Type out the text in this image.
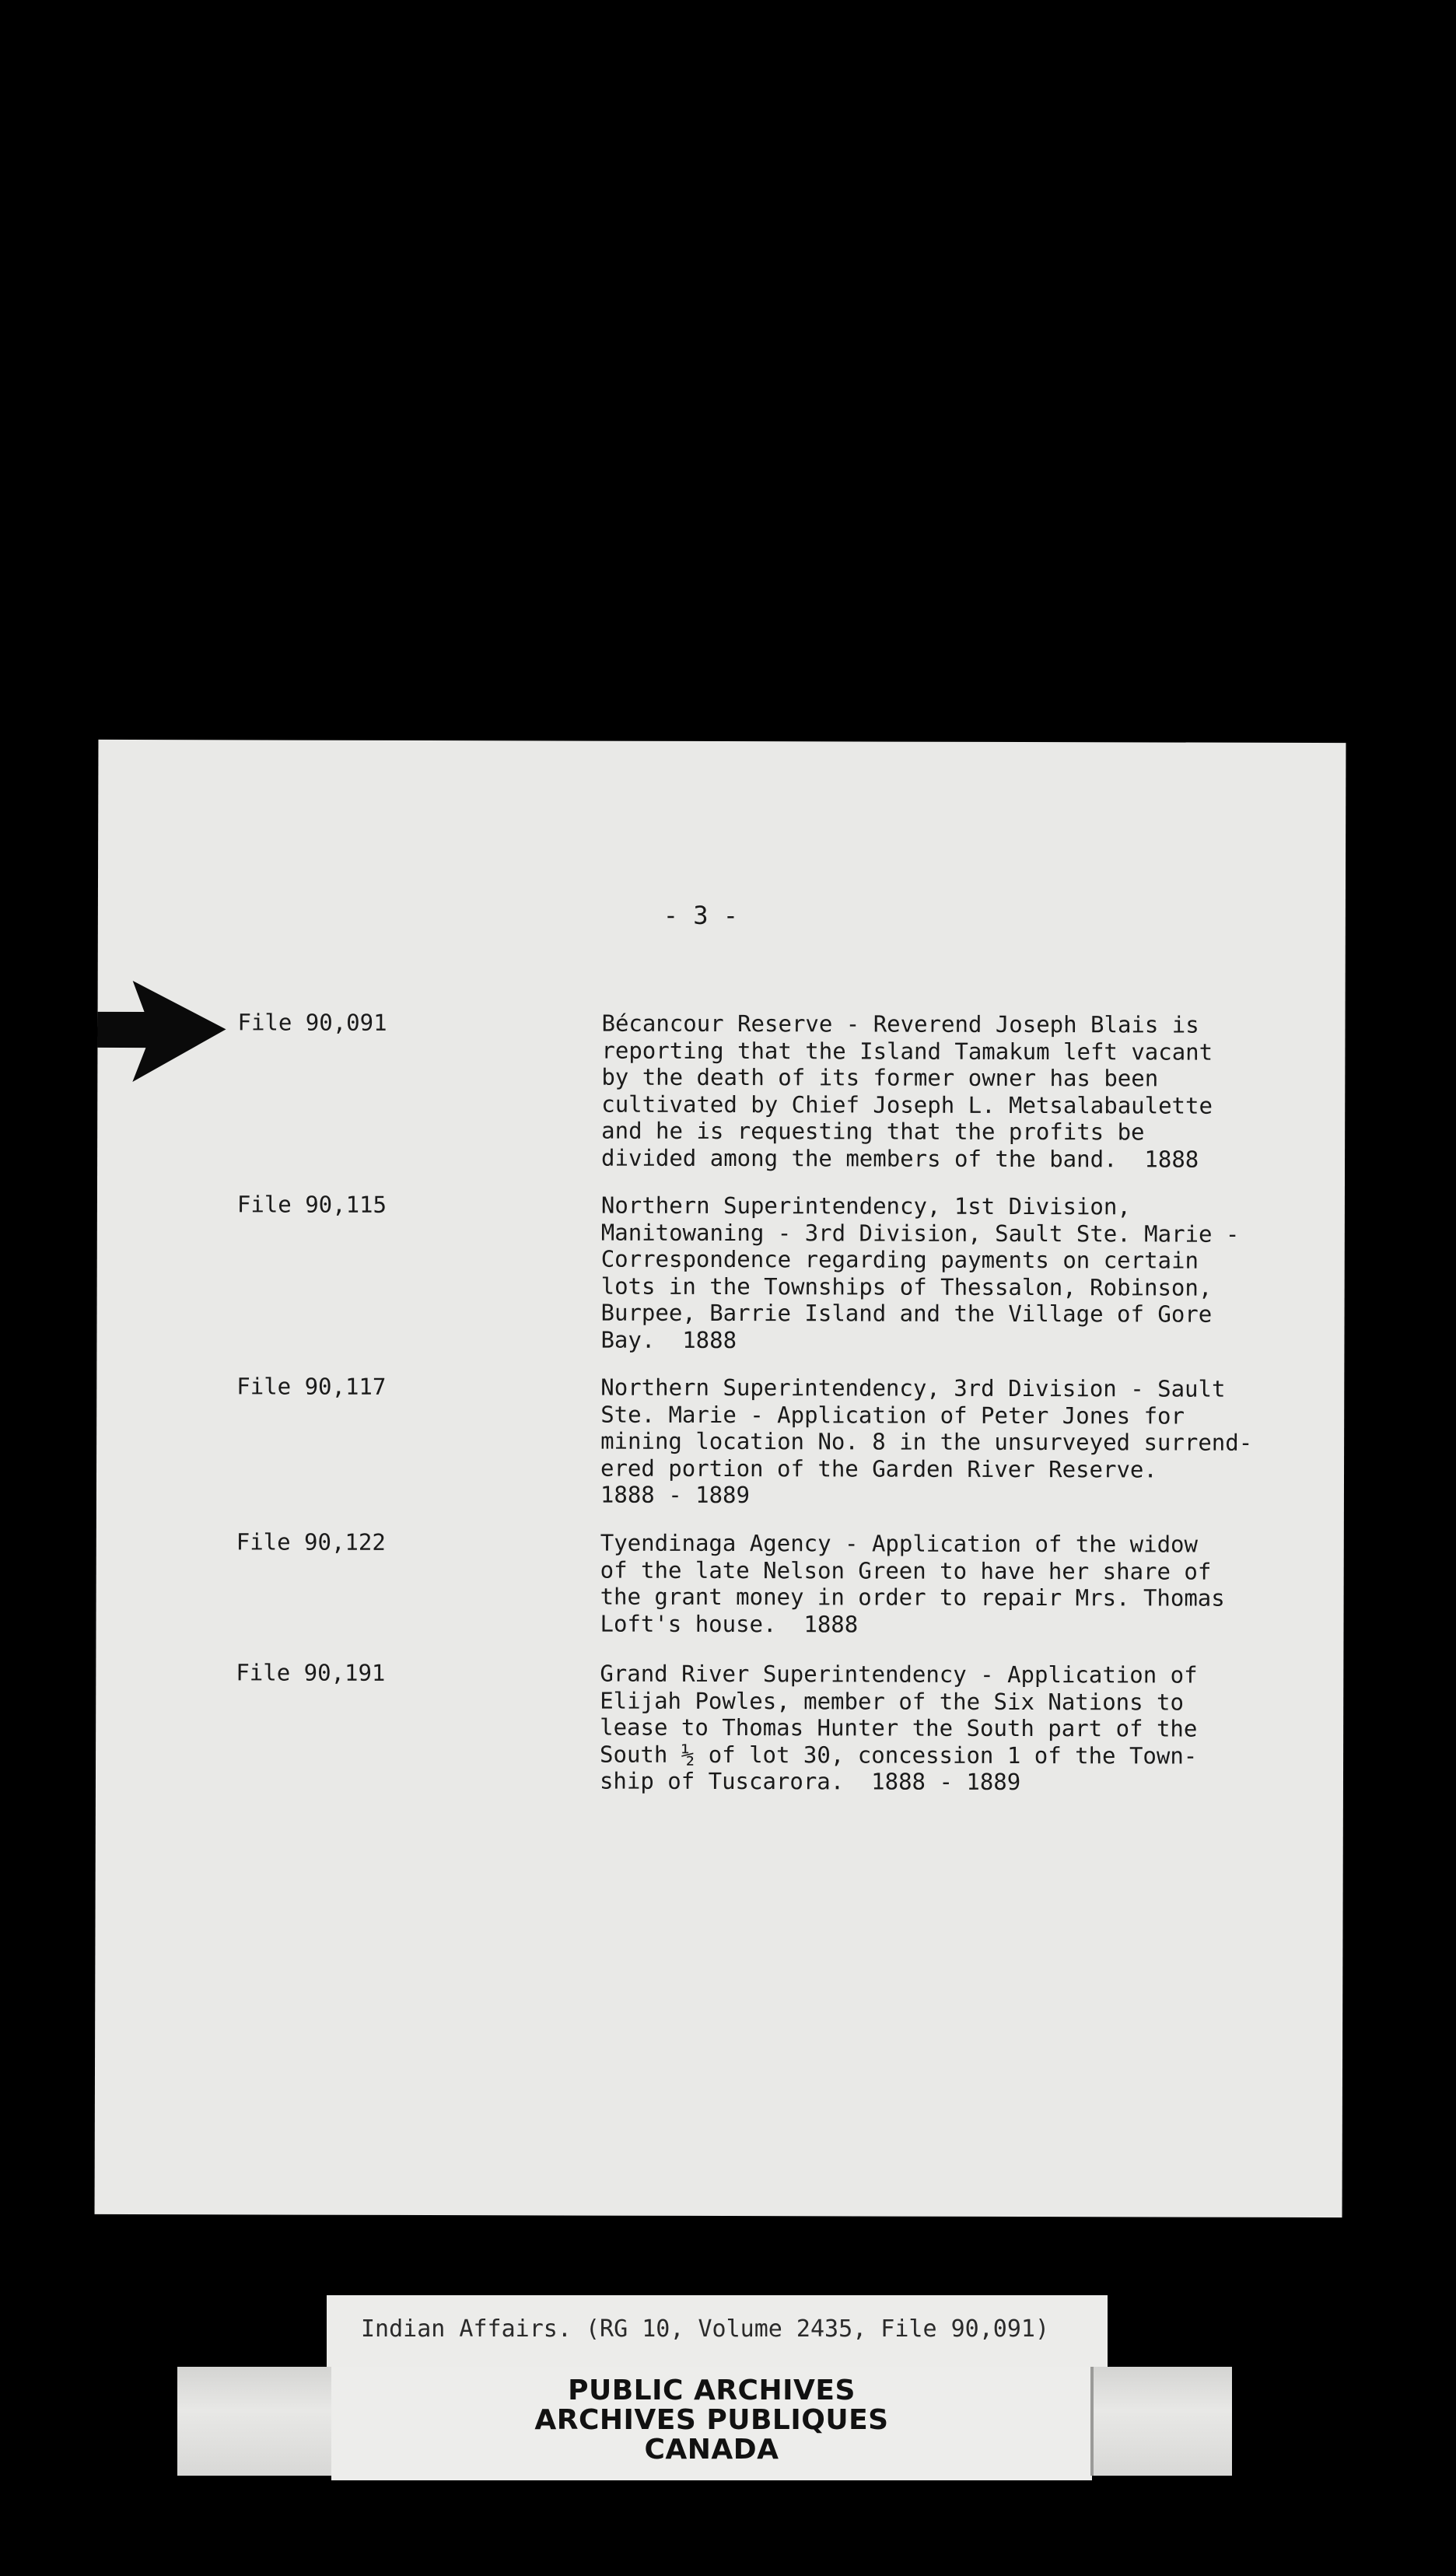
- 3 -
File 90,091	Bécancour Reserve - Reverend Joseph Blais is
reporting that the Island Tamakum left vacant
by the death of its former owner has been
cultivated by Chief Joseph L. Metsalabaulette
and he is requesting that the profits be
divided among the members of the band.  1888

File 90,115	Northern Superintendency, 1st Division,
Manitowaning - 3rd Division, Sault Ste. Marie -
Correspondence regarding payments on certain
lots in the Townships of Thessalon, Robinson,
Burpee, Barrie Island and the Village of Gore
Bay.  1888

File 90,117	Northern Superintendency, 3rd Division - Sault
Ste. Marie - Application of Peter Jones for
mining location No. 8 in the unsurveyed surrend-
ered portion of the Garden River Reserve.
1888 - 1889

File 90,122	Tyendinaga Agency - Application of the widow
of the late Nelson Green to have her share of
the grant money in order to repair Mrs. Thomas
Loft's house.  1888

File 90,191	Grand River Superintendency - Application of
Elijah Powles, member of the Six Nations to
lease to Thomas Hunter the South part of the
South ½ of lot 30, concession 1 of the Town-
ship of Tuscarora.  1888 - 1889

Indian Affairs. (RG 10, Volume 2435, File 90,091)
PUBLIC ARCHIVES
ARCHIVES PUBLIQUES
CANADA
